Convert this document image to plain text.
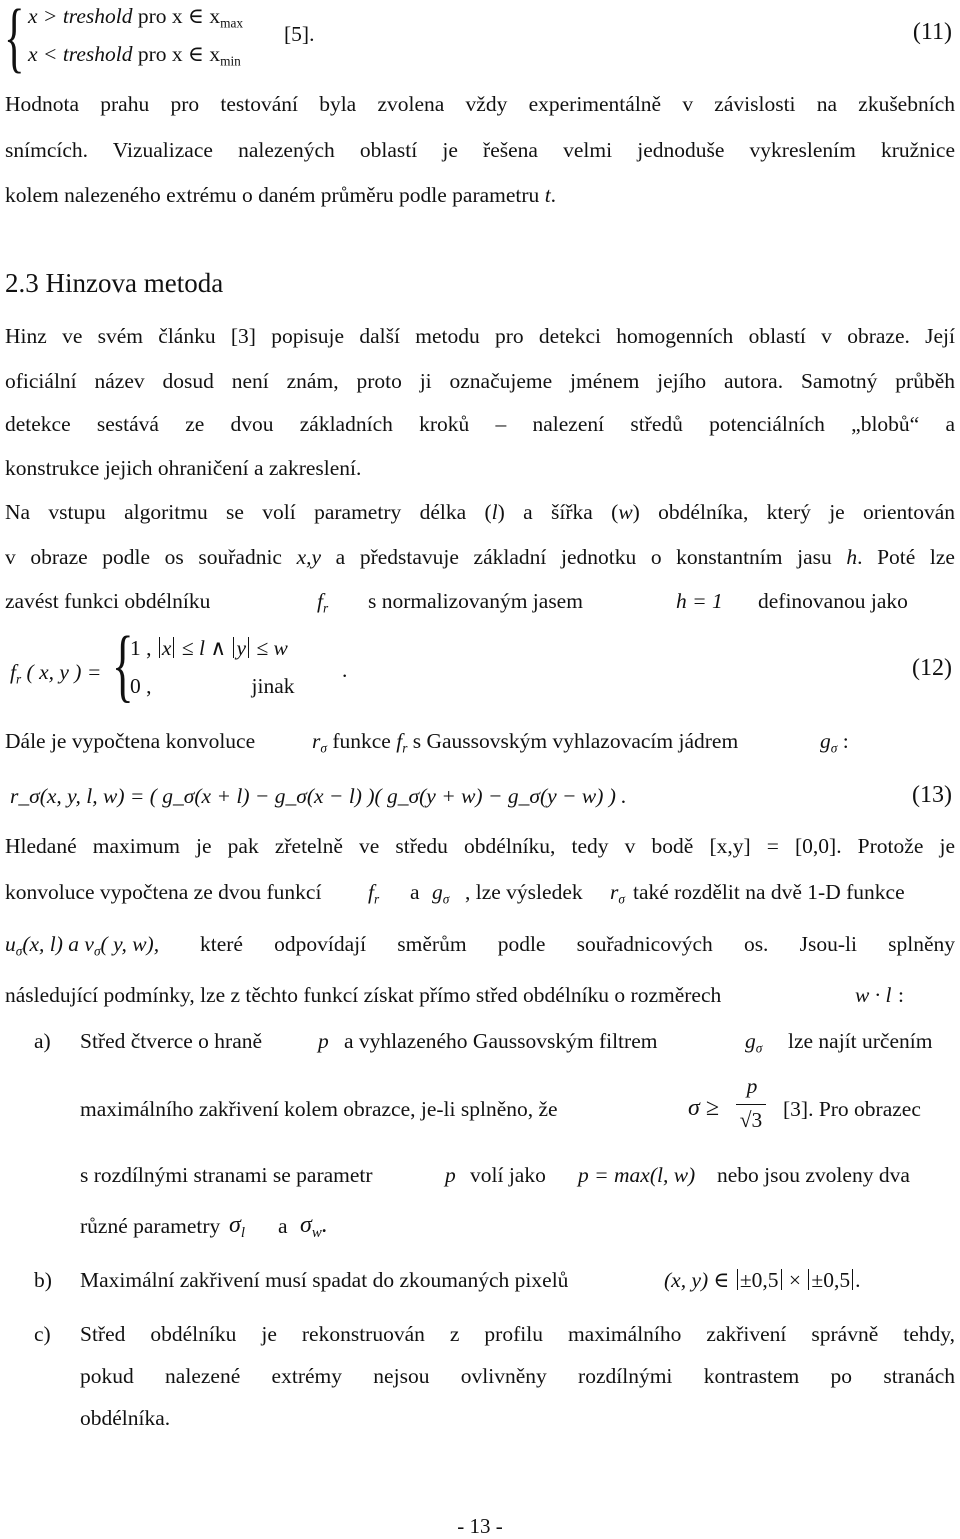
{ x > treshold pro x ∈ $x_{max}$
x < treshold pro x ∈ $x_{min}$
[5].	(11)
Hodnota prahu pro testování byla zvolena vždy experimentálně v závislosti na zkušebních
snímcích. Vizualizace nalezených oblastí je řešena velmi jednoduše vykreslením kružnice
kolem nalezeného extrému o daném průměru podle parametru t.
2.3 Hinzova metoda
Hinz ve svém článku [3] popisuje další metodu pro detekci homogenních oblastí v obraze. Její
oficiální název dosud není znám, proto ji označujeme jménem jejího autora. Samotný průběh
detekce sestává ze dvou základních kroků – nalezení středů potenciálních „blobů“ a
konstrukce jejich ohraničení a zakreslení.
Na vstupu algoritmu se volí parametry délka (l) a šířka (w) obdélníka, který je orientován
v obraze podle os souřadnic x,y a představuje základní jednotku o konstantním jasu h. Poté lze
zavést funkci obdélníku	$f_r$ s normalizovaným jasem	h = 1 definovanou jako
$f_r$ ( x, y ) = {
1 , x ≤ l ∧ y ≤ w
0 ,	jinak
.	(12)
Dále je vypočtena konvoluce	$r_\sigma$ funkce $f_r$ s Gaussovským vyhlazovacím jádrem	$g_\sigma$ :
r_σ(x, y, l, w) = ( g_σ(x + l) − g_σ(x − l) )( g_σ(y + w) − g_σ(y − w) ) .	(13)
Hledané maximum je pak zřetelně ve středu obdélníku, tedy v bodě [x,y] = [0,0]. Protože je
konvoluce vypočtena ze dvou funkcí $f_r$ a $g_\sigma$ , lze výsledek $r_\sigma$ také rozdělit na dvě 1-D funkce
$u_\sigma(x$, l) a $v_\sigma$( y, w), které odpovídají směrům podle souřadnicových os. Jsou-li splněny
následující podmínky, lze z těchto funkcí získat přímo střed obdélníku o rozměrech	w · l :
a) Střed čtverce o hraně	p a vyhlazeného Gaussovským filtrem	$g_\sigma$ lze najít určením
maximálního zakřivení kolem obrazce, je-li splněno, že	σ ≥
p
√3 [3]. Pro obrazec
s rozdílnými stranami se parametr	p volí jako p = max(l, w) nebo jsou zvoleny dva
různé parametry $\sigma_l$ a $\sigma_w$.
b) Maximální zakřivení musí spadat do zkoumaných pixelů	(x, y) ∈ ±0,5 × ±0,5 .
c) Střed obdélníku je rekonstruován z profilu maximálního zakřivení správně tehdy,
pokud nalezené extrémy nejsou ovlivněny rozdílnými kontrastem po stranách
obdélníka.
- 13 -
